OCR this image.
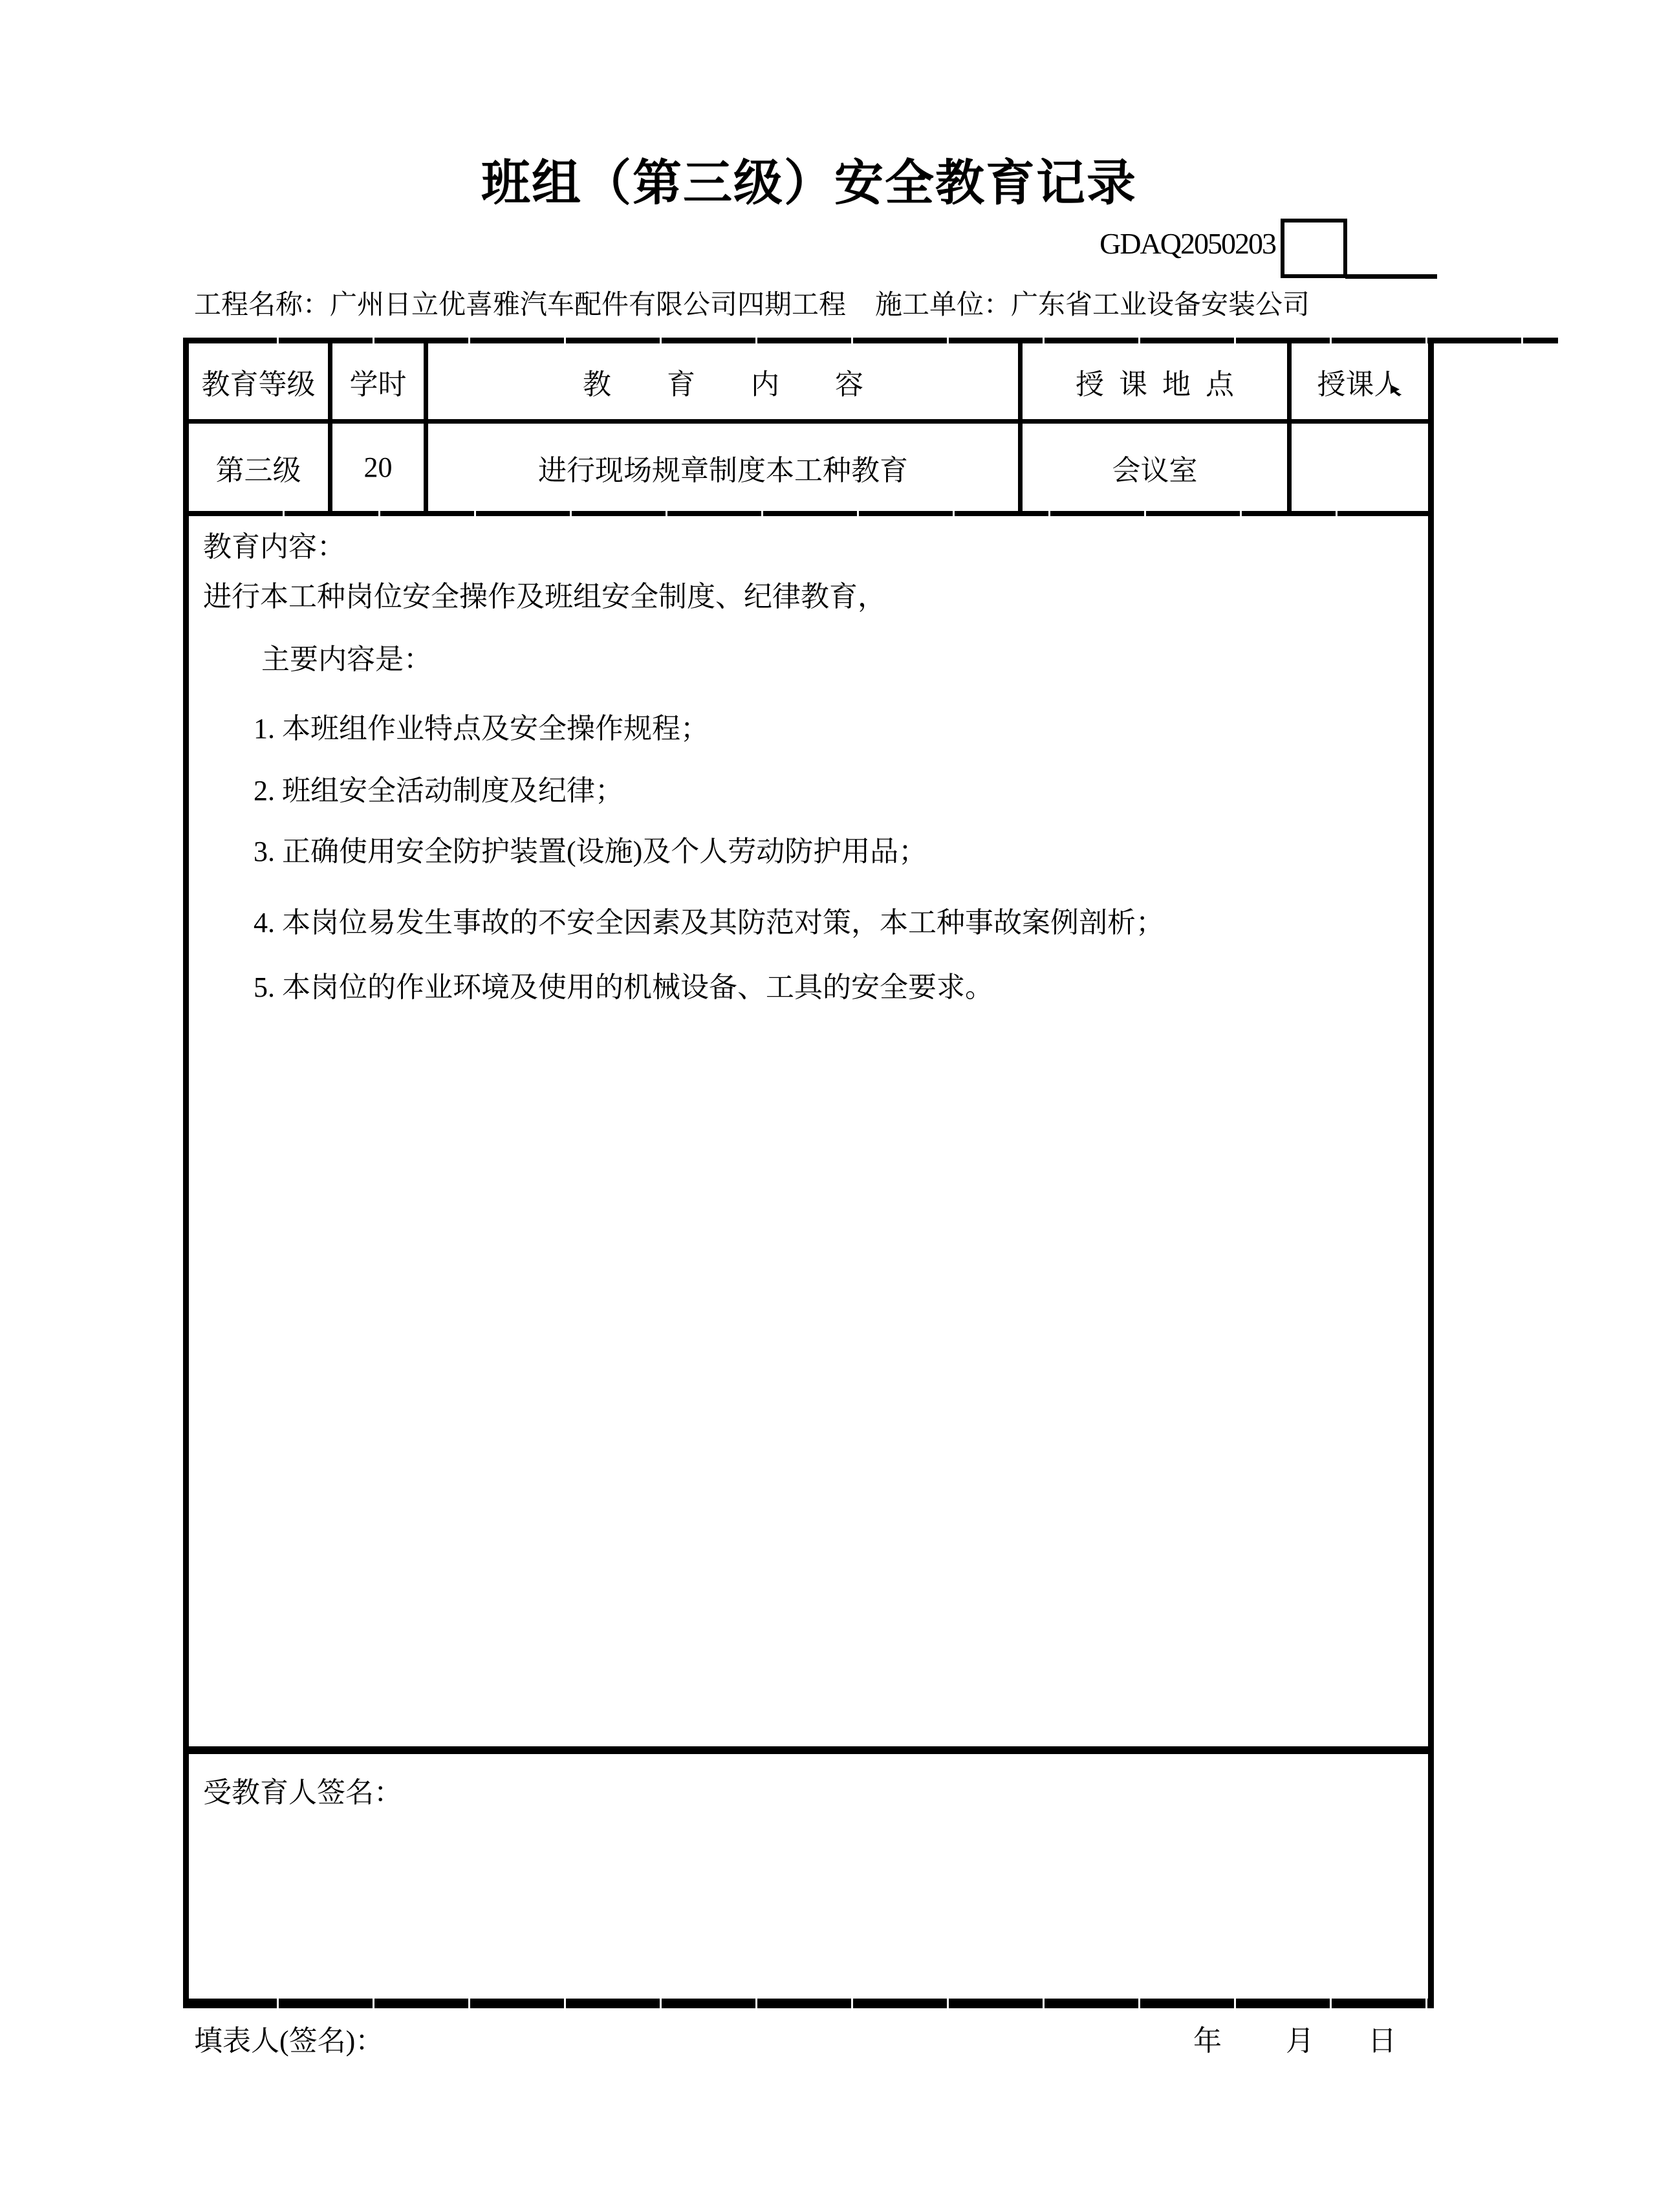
班组（第三级）安全教育记录
GDAQ2050203
工程名称：广州日立优喜雅汽车配件有限公司四期工程 施工单位：广东省工业设备安装公司
教育等级	学时	教 育 内 容	授 课 地 点	授课人
第三级	20	进行现场规章制度本工种教育	会议室
教育内容：
进行本工种岗位安全操作及班组安全制度、纪律教育，
主要内容是：
1. 本班组作业特点及安全操作规程；
2. 班组安全活动制度及纪律；
3. 正确使用安全防护装置(设施)及个人劳动防护用品；
4. 本岗位易发生事故的不安全因素及其防范对策，本工种事故案例剖析；
5. 本岗位的作业环境及使用的机械设备、工具的安全要求。
受教育人签名：
填表人(签名)：	年 月 日
